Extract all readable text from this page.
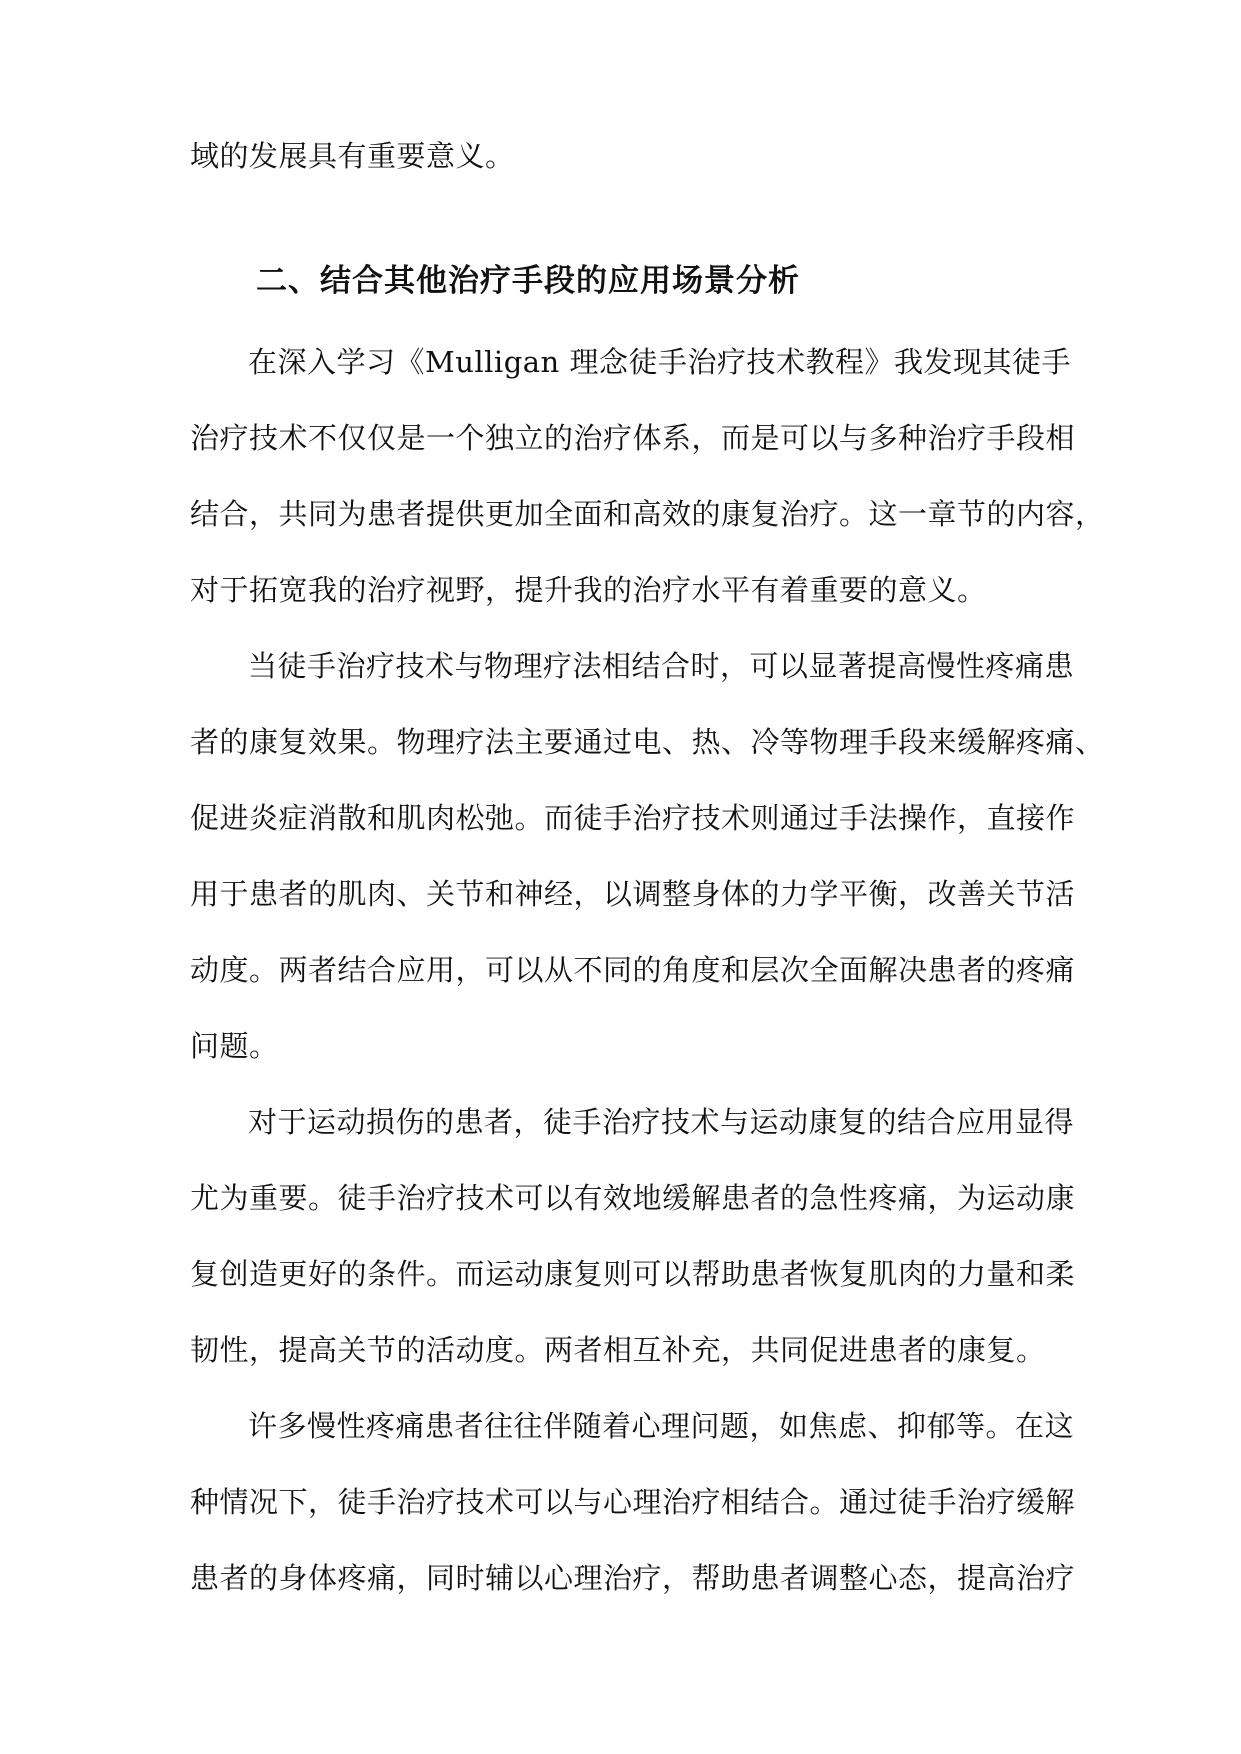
域的发展具有重要意义。
二、结合其他治疗手段的应用场景分析
在深入学习《Mulligan 理念徒手治疗技术教程》我发现其徒手
治疗技术不仅仅是一个独立的治疗体系，而是可以与多种治疗手段相
结合，共同为患者提供更加全面和高效的康复治疗。这一章节的内容，
对于拓宽我的治疗视野，提升我的治疗水平有着重要的意义。
当徒手治疗技术与物理疗法相结合时，可以显著提高慢性疼痛患
者的康复效果。物理疗法主要通过电、热、冷等物理手段来缓解疼痛、
促进炎症消散和肌肉松弛。而徒手治疗技术则通过手法操作，直接作
用于患者的肌肉、关节和神经，以调整身体的力学平衡，改善关节活
动度。两者结合应用，可以从不同的角度和层次全面解决患者的疼痛
问题。
对于运动损伤的患者，徒手治疗技术与运动康复的结合应用显得
尤为重要。徒手治疗技术可以有效地缓解患者的急性疼痛，为运动康
复创造更好的条件。而运动康复则可以帮助患者恢复肌肉的力量和柔
韧性，提高关节的活动度。两者相互补充，共同促进患者的康复。
许多慢性疼痛患者往往伴随着心理问题，如焦虑、抑郁等。在这
种情况下，徒手治疗技术可以与心理治疗相结合。通过徒手治疗缓解
患者的身体疼痛，同时辅以心理治疗，帮助患者调整心态，提高治疗
